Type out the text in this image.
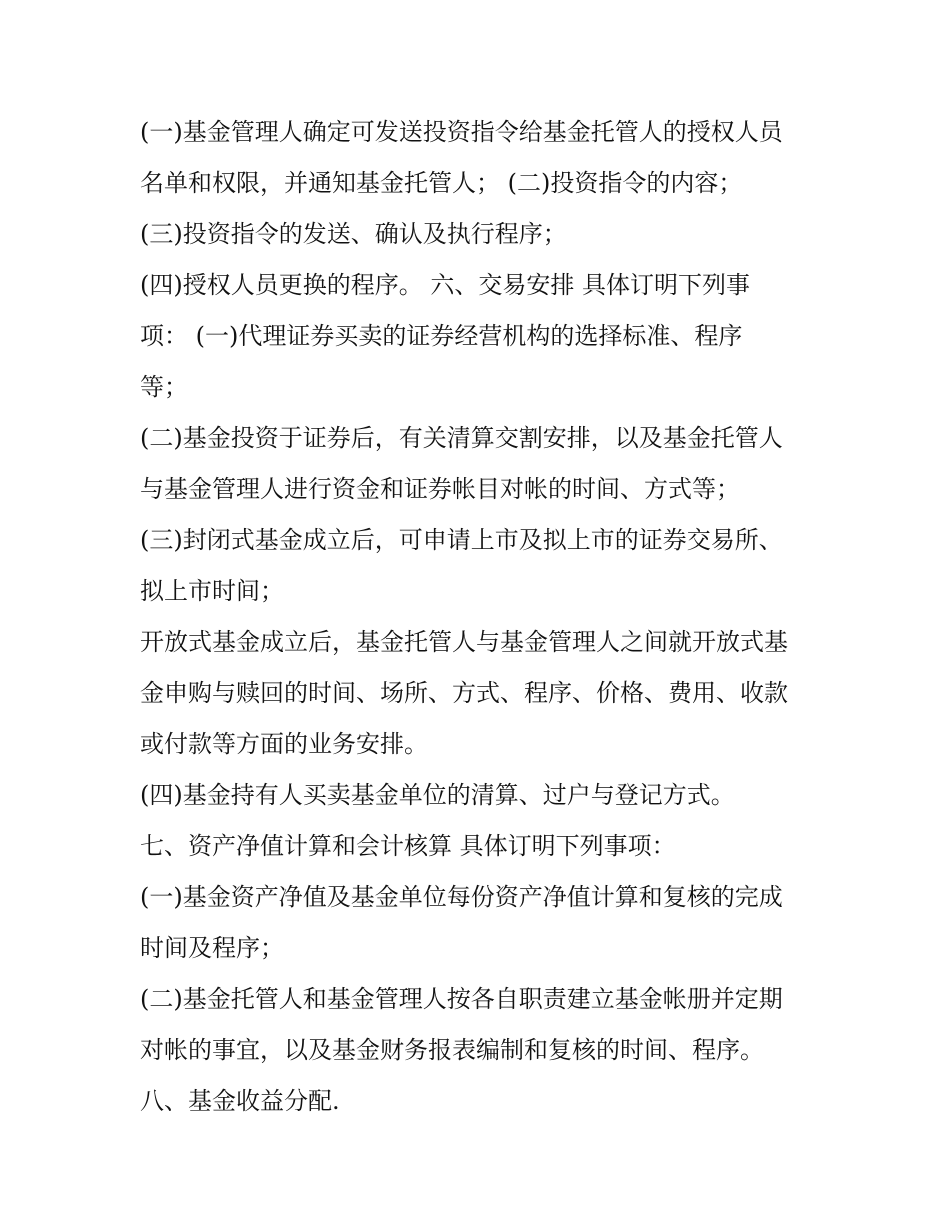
(一)基金管理人确定可发送投资指令给基金托管人的授权人员
名单和权限，并通知基金托管人； (二)投资指令的内容；
(三)投资指令的发送、确认及执行程序；
(四)授权人员更换的程序。 六、交易安排 具体订明下列事
项： (一)代理证券买卖的证券经营机构的选择标准、程序
等；
(二)基金投资于证券后，有关清算交割安排，以及基金托管人
与基金管理人进行资金和证券帐目对帐的时间、方式等；
(三)封闭式基金成立后，可申请上市及拟上市的证券交易所、
拟上市时间；
开放式基金成立后，基金托管人与基金管理人之间就开放式基
金申购与赎回的时间、场所、方式、程序、价格、费用、收款
或付款等方面的业务安排。
(四)基金持有人买卖基金单位的清算、过户与登记方式。
七、资产净值计算和会计核算 具体订明下列事项：
(一)基金资产净值及基金单位每份资产净值计算和复核的完成
时间及程序；
(二)基金托管人和基金管理人按各自职责建立基金帐册并定期
对帐的事宜，以及基金财务报表编制和复核的时间、程序。
八、基金收益分配.
